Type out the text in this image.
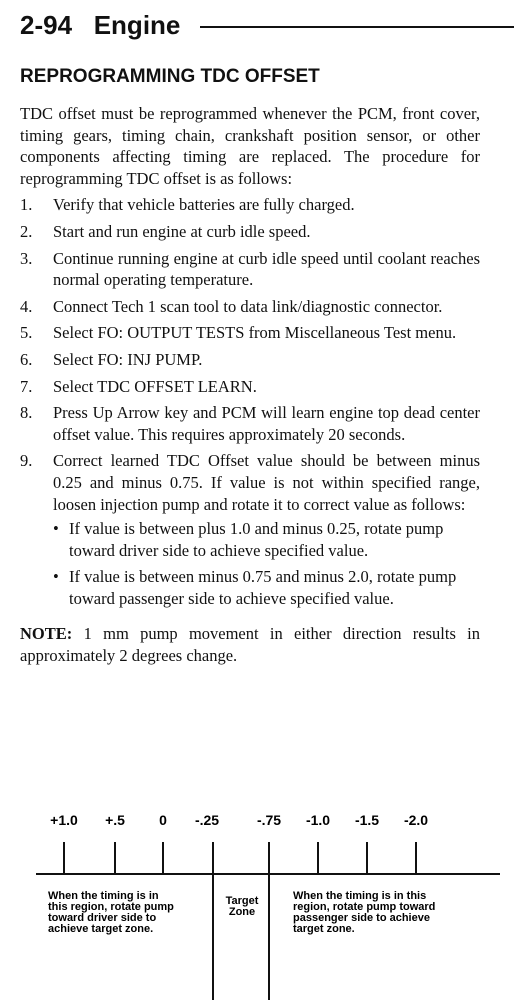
2-94   Engine
REPROGRAMMING TDC OFFSET

TDC offset must be reprogrammed whenever the PCM, front cover, timing gears, timing chain, crankshaft position sensor, or other components affecting timing are replaced. The procedure for reprogramming TDC offset is as follows:

1. Verify that vehicle batteries are fully charged.
2. Start and run engine at curb idle speed.
3. Continue running engine at curb idle speed until coolant reaches normal operating temperature.
4. Connect Tech 1 scan tool to data link/diagnostic connector.
5. Select FO: OUTPUT TESTS from Miscellaneous Test menu.
6. Select FO: INJ PUMP.
7. Select TDC OFFSET LEARN.
8. Press Up Arrow key and PCM will learn engine top dead center offset value. This requires approximately 20 seconds.
9. Correct learned TDC Offset value should be between minus 0.25 and minus 0.75. If value is not within specified range, loosen injection pump and rotate it to correct value as follows:
• If value is between plus 1.0 and minus 0.25, rotate pump toward driver side to achieve specified value.
• If value is between minus 0.75 and minus 2.0, rotate pump toward passenger side to achieve specified value.

NOTE: 1 mm pump movement in either direction results in approximately 2 degrees change.

+1.0 +.5 0 -.25	-.75 -1.0 -1.5 -2.0
When the timing is in
this region, rotate pump
toward driver side to
achieve target zone.
Target
Zone
When the timing is in this
region, rotate pump toward
passenger side to achieve
target zone.
